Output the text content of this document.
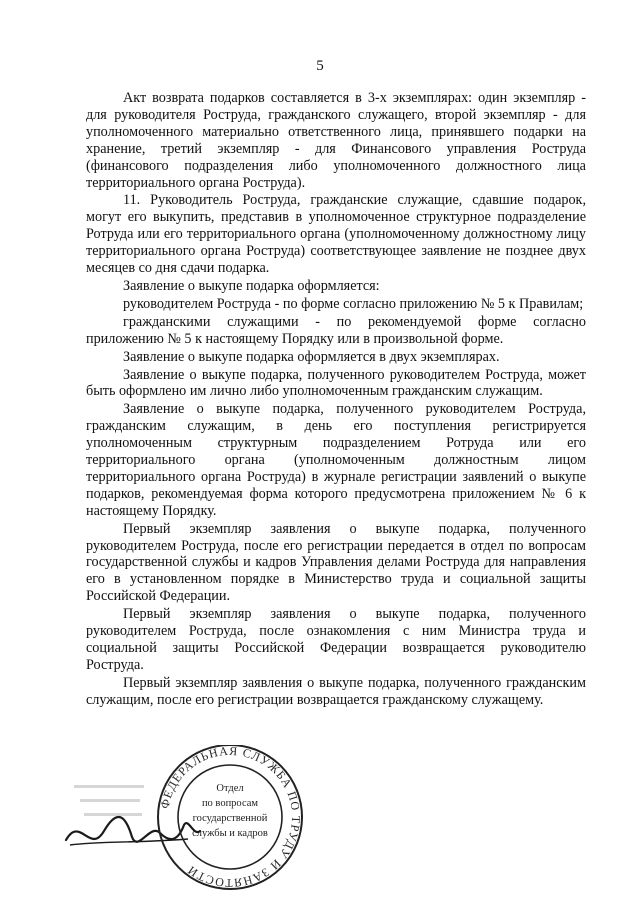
5

Акт возврата подарков составляется в 3-х экземплярах: один экземпляр - для руководителя Роструда, гражданского служащего, второй экземпляр - для уполномоченного материально ответственного лица, принявшего подарки на хранение, третий экземпляр - для Финансового управления Роструда (финансового подразделения либо уполномоченного должностного лица территориального органа Роструда).

11. Руководитель Роструда, гражданские служащие, сдавшие подарок, могут его выкупить, представив в уполномоченное структурное подразделение Ротруда или его территориального органа (уполномоченному должностному лицу территориального органа Роструда) соответствующее заявление не позднее двух месяцев со дня сдачи подарка.

Заявление о выкупе подарка оформляется:

руководителем Роструда - по форме согласно приложению № 5 к Правилам;

гражданскими служащими - по рекомендуемой форме согласно приложению № 5 к настоящему Порядку или в произвольной форме.

Заявление о выкупе подарка оформляется в двух экземплярах.

Заявление о выкупе подарка, полученного руководителем Роструда, может быть оформлено им лично либо уполномоченным гражданским служащим.

Заявление о выкупе подарка, полученного руководителем Роструда, гражданским служащим, в день его поступления регистрируется уполномоченным структурным подразделением Ротруда или его территориального органа (уполномоченным должностным лицом территориального органа Роструда) в журнале регистрации заявлений о выкупе подарков, рекомендуемая форма которого предусмотрена приложением № 6 к настоящему Порядку.

Первый экземпляр заявления о выкупе подарка, полученного руководителем Роструда, после его регистрации передается в отдел по вопросам государственной службы и кадров Управления делами Роструда для направления его в установленном порядке в Министерство труда и социальной защиты Российской Федерации.

Первый экземпляр заявления о выкупе подарка, полученного руководителем Роструда, после ознакомления с ним Министра труда и социальной защиты Российской Федерации возвращается руководителю Роструда.

Первый экземпляр заявления о выкупе подарка, полученного гражданским служащим, после его регистрации возвращается гражданскому служащему.

ФЕДЕРАЛЬНАЯ СЛУЖБА ПО ТРУДУ И ЗАНЯТОСТИ
Отдел
по вопросам
государственной
службы и кадров
